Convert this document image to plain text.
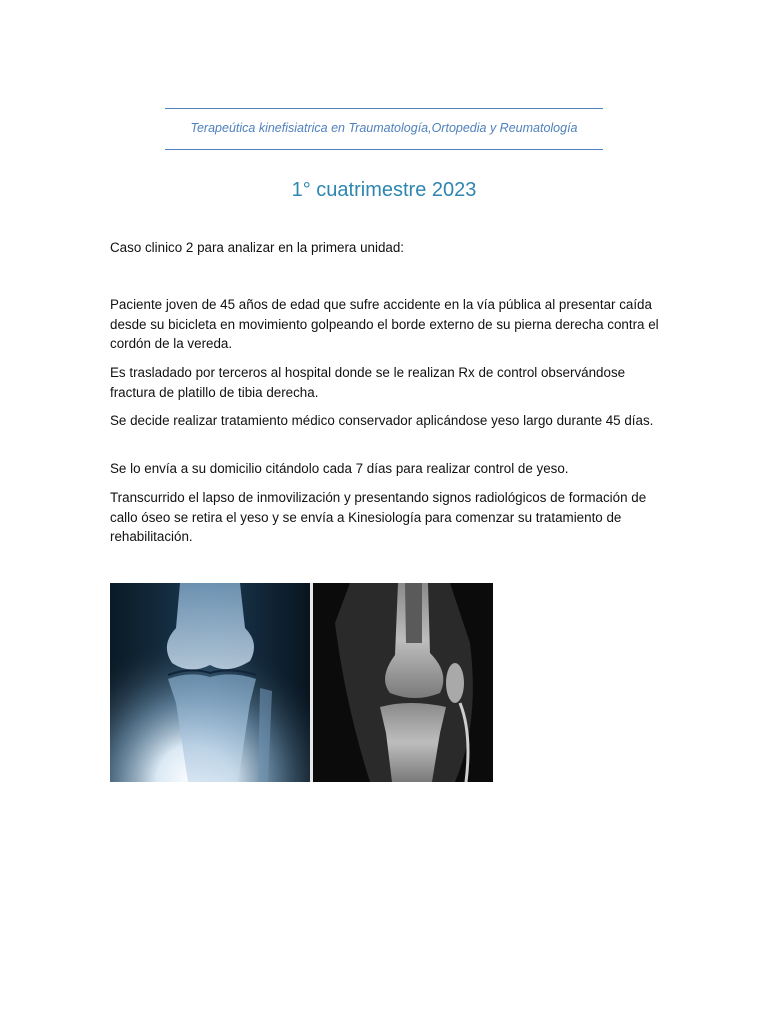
Terapeútica kinefisiatrica en Traumatología,Ortopedia y Reumatología
1° cuatrimestre 2023

Caso clinico 2 para analizar en la primera unidad:

Paciente joven de 45 años de edad que sufre accidente en la vía pública al presentar caída desde su bicicleta en movimiento golpeando el borde externo de su pierna derecha contra el cordón de la vereda.

Es trasladado por terceros al hospital donde se le realizan Rx de control observándose fractura de platillo de tibia derecha.

Se decide realizar tratamiento médico conservador aplicándose yeso largo durante 45 días.

Se lo envía a su domicilio citándolo cada 7 días para realizar control de yeso.

Transcurrido el lapso de inmovilización y presentando signos radiológicos de formación de callo óseo se retira el yeso y se envía a Kinesiología para comenzar su tratamiento de rehabilitación.
